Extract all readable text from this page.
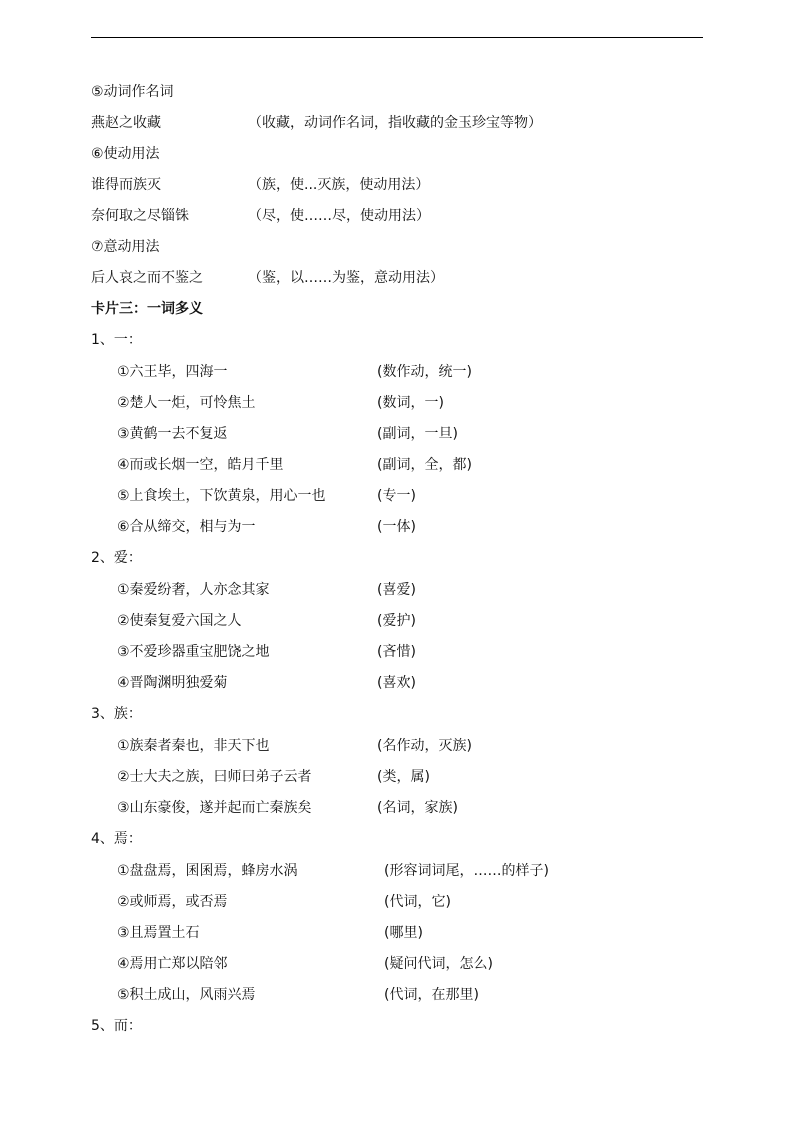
⑤动词作名词
燕赵之收藏	（收藏，动词作名词，指收藏的金玉珍宝等物）
⑥使动用法
谁得而族灭	（族，使...灭族，使动用法）
奈何取之尽锱铢	（尽，使……尽，使动用法）
⑦意动用法
后人哀之而不鉴之	（鉴，以……为鉴，意动用法）
卡片三：一词多义
1、一：
①六王毕，四海一	(数作动，统一)
②楚人一炬，可怜焦土	(数词，一)
③黄鹤一去不复返	(副词，一旦)
④而或长烟一空，皓月千里	(副词，全，都)
⑤上食埃土，下饮黄泉，用心一也	(专一)
⑥合从缔交，相与为一	(一体)
2、爱：
①秦爱纷奢，人亦念其家	(喜爱)
②使秦复爱六国之人	(爱护)
③不爱珍器重宝肥饶之地	(吝惜)
④晋陶渊明独爱菊	(喜欢)
3、族：
①族秦者秦也，非天下也	(名作动，灭族)
②士大夫之族，曰师曰弟子云者	(类，属)
③山东豪俊，遂并起而亡秦族矣	(名词，家族)
4、焉：
①盘盘焉，囷囷焉，蜂房水涡	(形容词词尾，……的样子)
②或师焉，或否焉	(代词，它)
③且焉置土石	(哪里)
④焉用亡郑以陪邻	(疑问代词，怎么)
⑤积土成山，风雨兴焉	(代词，在那里)
5、而：
